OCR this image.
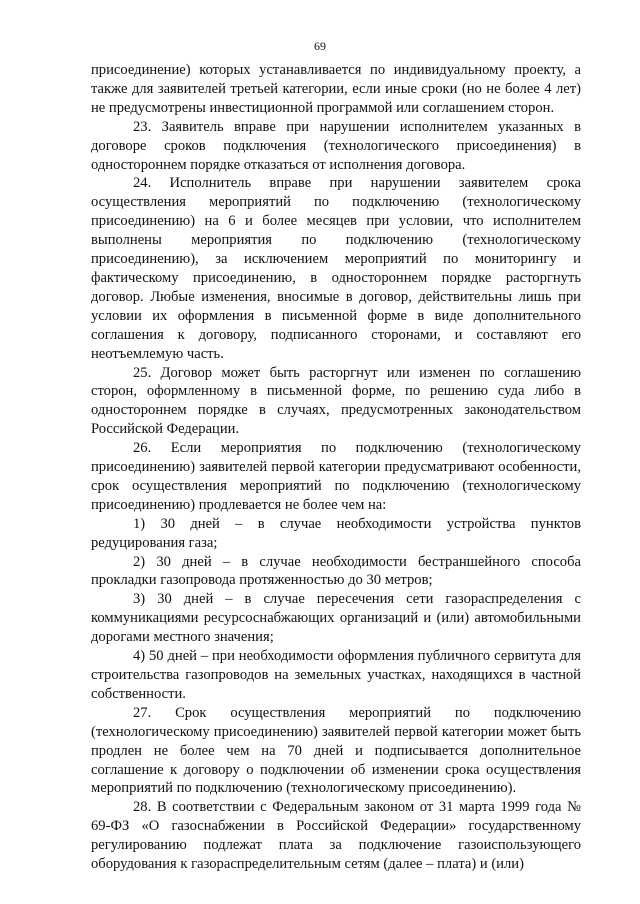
69

присоединение) которых устанавливается по индивидуальному проекту, а также для заявителей третьей категории, если иные сроки (но не более 4 лет) не предусмотрены инвестиционной программой или соглашением сторон.

23. Заявитель вправе при нарушении исполнителем указанных в договоре сроков подключения (технологического присоединения) в одностороннем порядке отказаться от исполнения договора.

24. Исполнитель вправе при нарушении заявителем срока осуществления мероприятий по подключению (технологическому присоединению) на 6 и более месяцев при условии, что исполнителем выполнены мероприятия по подключению (технологическому присоединению), за исключением мероприятий по мониторингу и фактическому присоединению, в одностороннем порядке расторгнуть договор. Любые изменения, вносимые в договор, действительны лишь при условии их оформления в письменной форме в виде дополнительного соглашения к договору, подписанного сторонами, и составляют его неотъемлемую часть.

25. Договор может быть расторгнут или изменен по соглашению сторон, оформленному в письменной форме, по решению суда либо в одностороннем порядке в случаях, предусмотренных законодательством Российской Федерации.

26. Если мероприятия по подключению (технологическому присоединению) заявителей первой категории предусматривают особенности, срок осуществления мероприятий по подключению (технологическому присоединению) продлевается не более чем на:

1) 30 дней – в случае необходимости устройства пунктов редуцирования газа;

2) 30 дней – в случае необходимости бестраншейного способа прокладки газопровода протяженностью до 30 метров;

3) 30 дней – в случае пересечения сети газораспределения с коммуникациями ресурсоснабжающих организаций и (или) автомобильными дорогами местного значения;

4) 50 дней – при необходимости оформления публичного сервитута для строительства газопроводов на земельных участках, находящихся в частной собственности.

27. Срок осуществления мероприятий по подключению (технологическому присоединению) заявителей первой категории может быть продлен не более чем на 70 дней и подписывается дополнительное соглашение к договору о подключении об изменении срока осуществления мероприятий по подключению (технологическому присоединению).

28. В соответствии с Федеральным законом от 31 марта 1999 года № 69-ФЗ «О газоснабжении в Российской Федерации» государственному регулированию подлежат плата за подключение газоиспользующего оборудования к газораспределительным сетям (далее – плата) и (или)
